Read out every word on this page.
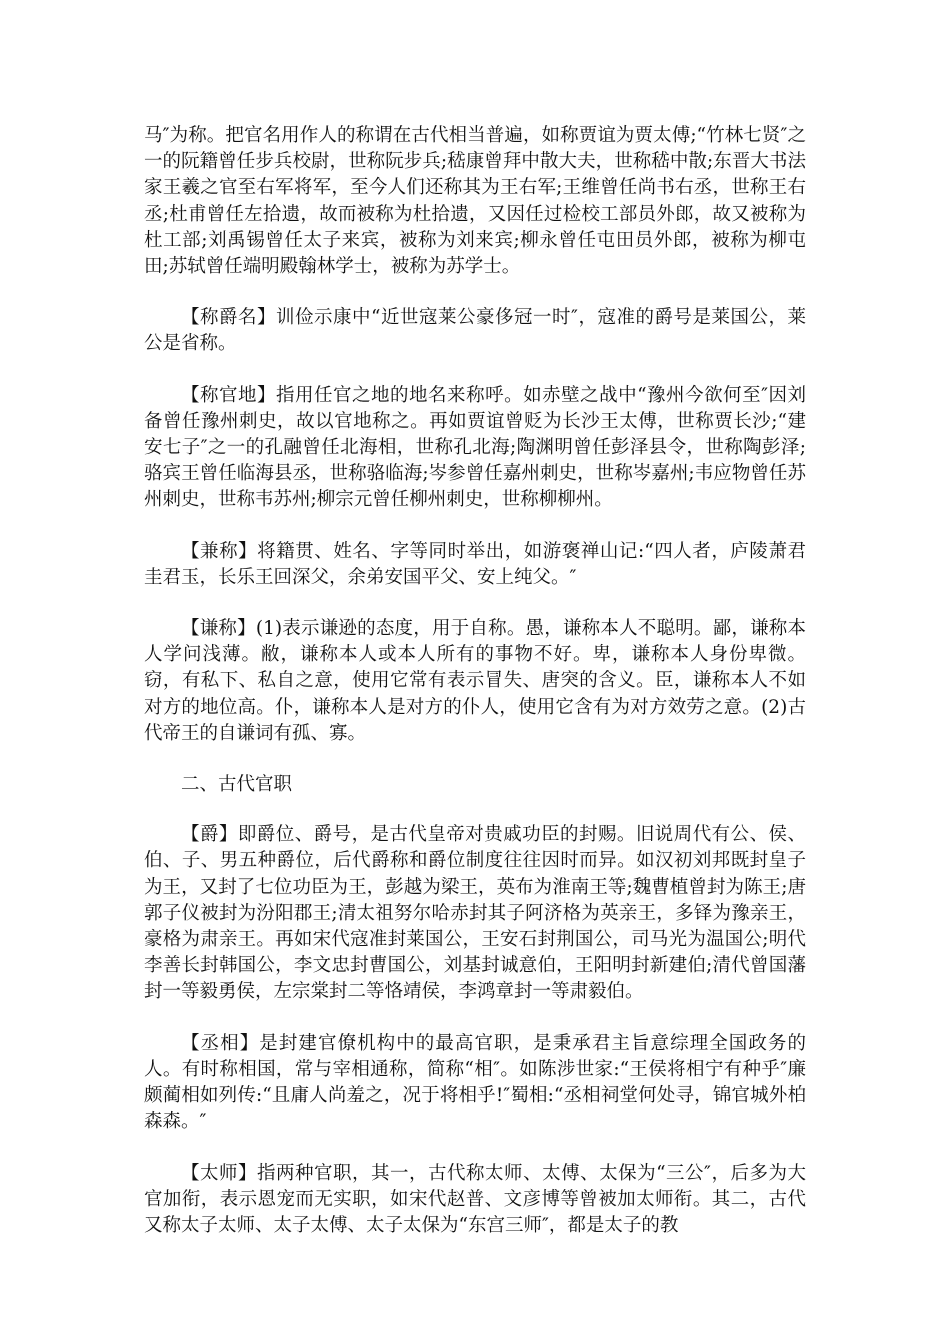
马″为称。把官名用作人的称谓在古代相当普遍，如称贾谊为贾太傅;“竹林七贤″之一的阮籍曾任步兵校尉，世称阮步兵;嵇康曾拜中散大夫，世称嵇中散;东晋大书法家王羲之官至右军将军，至今人们还称其为王右军;王维曾任尚书右丞，世称王右丞;杜甫曾任左拾遗，故而被称为杜拾遗，又因任过检校工部员外郎，故又被称为杜工部;刘禹锡曾任太子来宾，被称为刘来宾;柳永曾任屯田员外郎，被称为柳屯田;苏轼曾任端明殿翰林学士，被称为苏学士。

【称爵名】训俭示康中“近世寇莱公豪侈冠一时″，寇准的爵号是莱国公，莱公是省称。

【称官地】指用任官之地的地名来称呼。如赤壁之战中“豫州今欲何至″因刘备曾任豫州刺史，故以官地称之。再如贾谊曾贬为长沙王太傅，世称贾长沙;“建安七子″之一的孔融曾任北海相，世称孔北海;陶渊明曾任彭泽县令，世称陶彭泽;骆宾王曾任临海县丞，世称骆临海;岑参曾任嘉州刺史，世称岑嘉州;韦应物曾任苏州刺史，世称韦苏州;柳宗元曾任柳州刺史，世称柳柳州。

【兼称】将籍贯、姓名、字等同时举出，如游褒禅山记:“四人者，庐陵萧君圭君玉，长乐王回深父，余弟安国平父、安上纯父。″

【谦称】(1)表示谦逊的态度，用于自称。愚，谦称本人不聪明。鄙，谦称本人学问浅薄。敝，谦称本人或本人所有的事物不好。卑，谦称本人身份卑微。窃，有私下、私自之意，使用它常有表示冒失、唐突的含义。臣，谦称本人不如对方的地位高。仆，谦称本人是对方的仆人，使用它含有为对方效劳之意。(2)古代帝王的自谦词有孤、寡。

二、古代官职

【爵】即爵位、爵号，是古代皇帝对贵戚功臣的封赐。旧说周代有公、侯、伯、子、男五种爵位，后代爵称和爵位制度往往因时而异。如汉初刘邦既封皇子为王，又封了七位功臣为王，彭越为梁王，英布为淮南王等;魏曹植曾封为陈王;唐郭子仪被封为汾阳郡王;清太祖努尔哈赤封其子阿济格为英亲王，多铎为豫亲王，豪格为肃亲王。再如宋代寇准封莱国公，王安石封荆国公，司马光为温国公;明代李善长封韩国公，李文忠封曹国公，刘基封诚意伯，王阳明封新建伯;清代曾国藩封一等毅勇侯，左宗棠封二等恪靖侯，李鸿章封一等肃毅伯。

【丞相】是封建官僚机构中的最高官职，是秉承君主旨意综理全国政务的人。有时称相国，常与宰相通称，简称“相″。如陈涉世家:“王侯将相宁有种乎″廉颇蔺相如列传:“且庸人尚羞之，况于将相乎!″蜀相:“丞相祠堂何处寻，锦官城外柏森森。″

【太师】指两种官职，其一，古代称太师、太傅、太保为“三公″，后多为大官加衔，表示恩宠而无实职，如宋代赵普、文彦博等曾被加太师衔。其二，古代又称太子太师、太子太傅、太子太保为“东宫三师″，都是太子的教
